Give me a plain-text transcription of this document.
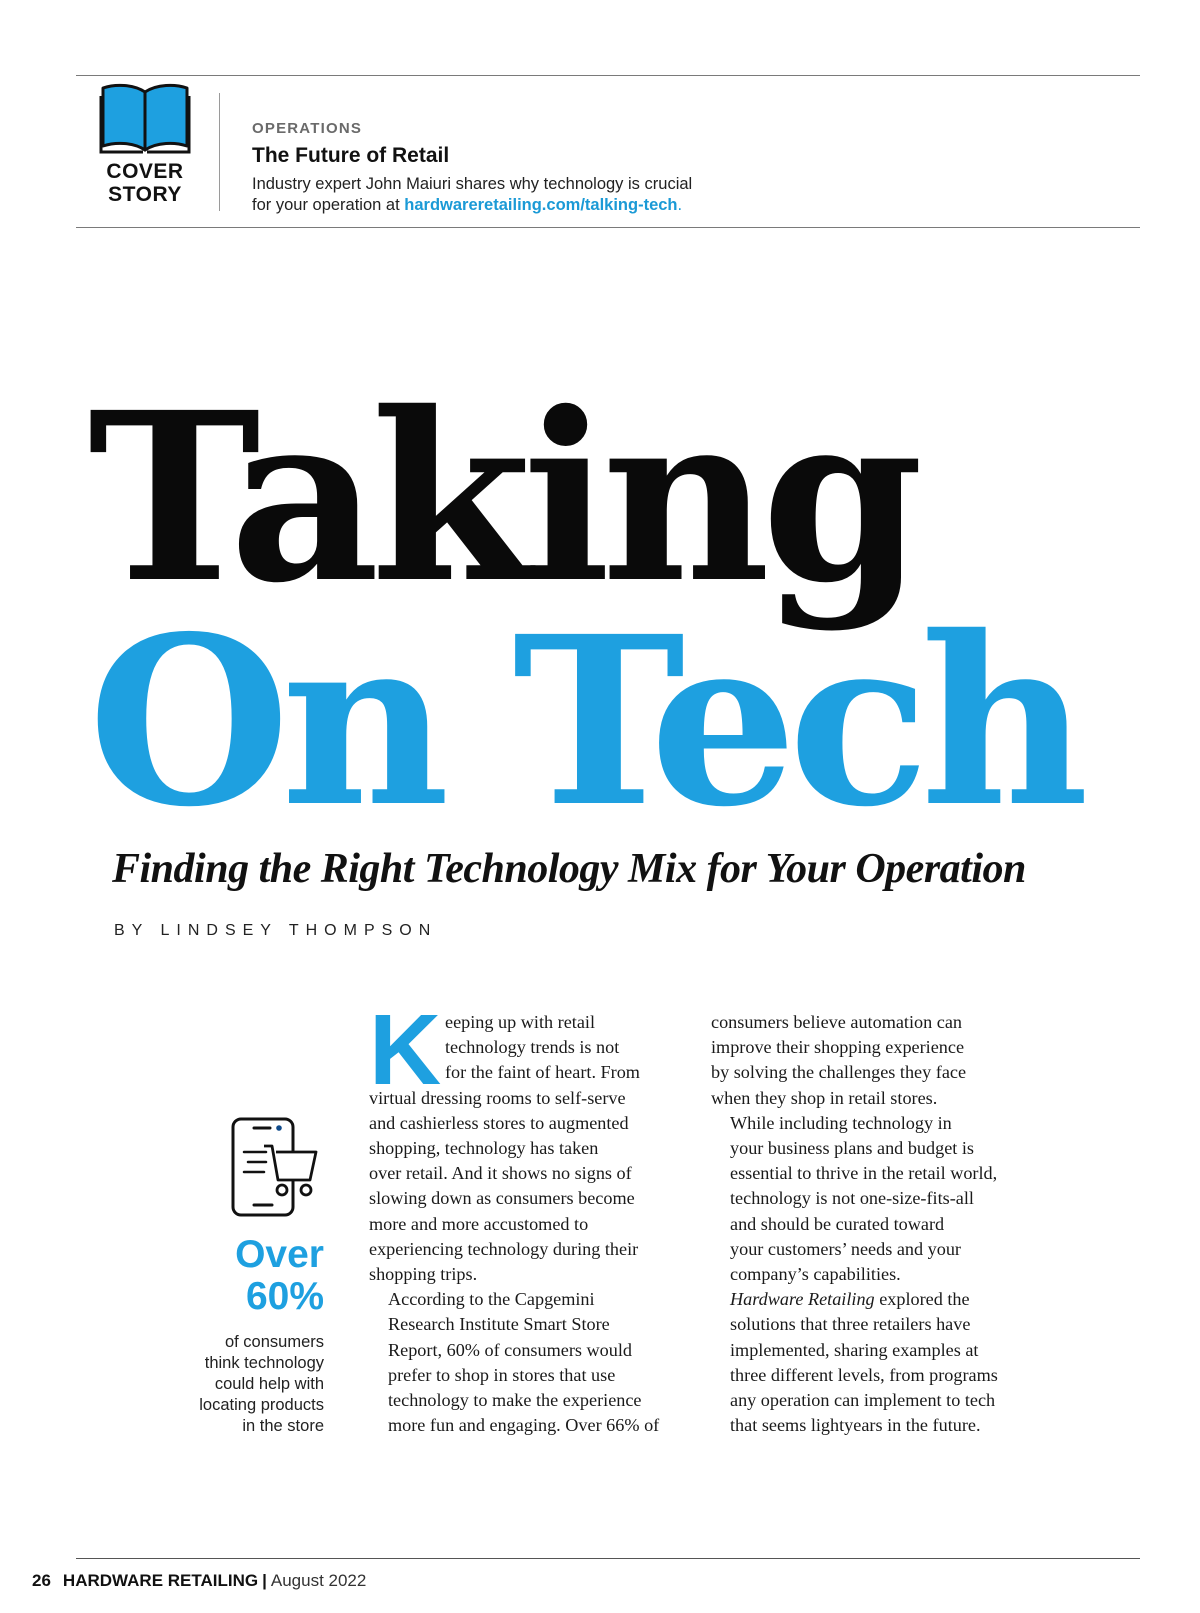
COVER
STORY
OPERATIONS
The Future of Retail
Industry expert John Maiuri shares why technology is crucial
for your operation at hardwareretailing.com/talking-tech.
Taking
On Tech
Finding the Right Technology Mix for Your Operation
BY LINDSEY THOMPSON
Over
60%
of consumers
think technology
could help with
locating products
in the store
K eeping up with retail
technology trends is not
for the faint of heart. From
virtual dressing rooms to self-serve
and cashierless stores to augmented
shopping, technology has taken
over retail. And it shows no signs of
slowing down as consumers become
more and more accustomed to
experiencing technology during their
shopping trips.

According to the Capgemini
Research Institute Smart Store
Report, 60% of consumers would
prefer to shop in stores that use
technology to make the experience
more fun and engaging. Over 66% of

consumers believe automation can
improve their shopping experience
by solving the challenges they face
when they shop in retail stores.

While including technology in
your business plans and budget is
essential to thrive in the retail world,
technology is not one-size-fits-all
and should be curated toward
your customers’ needs and your
company’s capabilities.

Hardware Retailing explored the
solutions that three retailers have
implemented, sharing examples at
three different levels, from programs
any operation can implement to tech
that seems lightyears in the future.

26 HARDWARE RETAILING | August 2022
